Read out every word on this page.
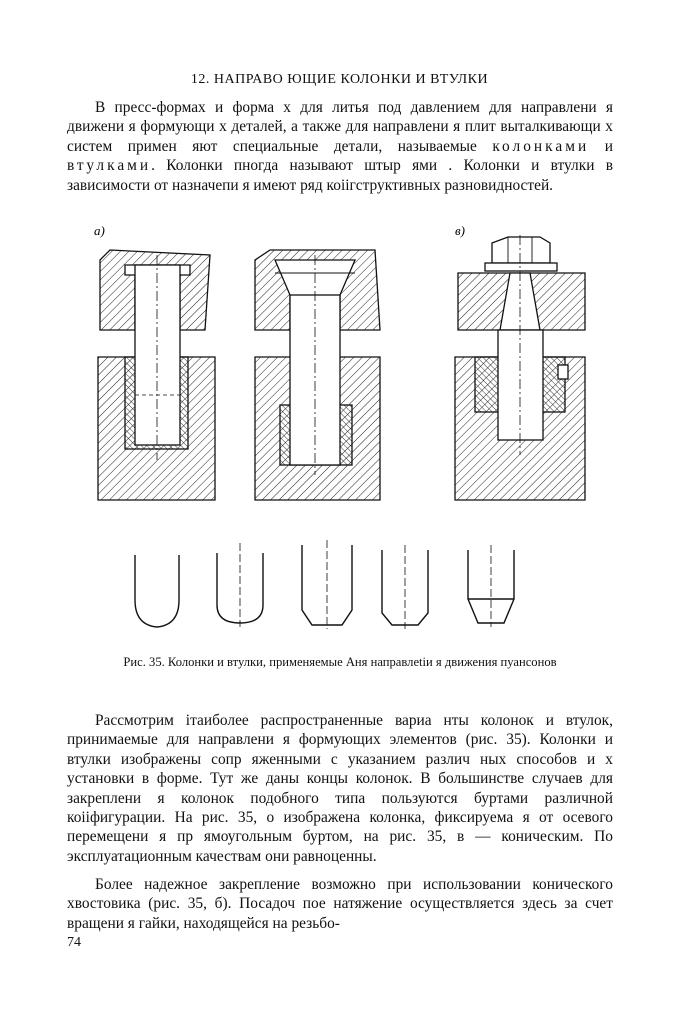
12. НАПРАВО ЮЩИЕ КОЛОНКИ И ВТУЛКИ

В пресс-формах и форма х для литья под давлением для направлени я движени я формующи х деталей, а также для направлени я плит выталкивающи х систем примен яют специальные детали, называемые колонками и втулками. Колонки пногда называют штыр ями . Колонки и втулки в зависимости от назначепи я имеют ряд коіігструктивных разновидностей.

а)	в)
Рис. 35. Колонки и втулки, применяемые Аня направлеtiи я движения пуансонов

Рассмотрим iтаиболее распространенные вариа нты колонок и втулок, принимаемые для направлени я формующих элементов (рис. 35). Колонки и втулки изображены сопр яженными с указанием различ ных способов и х установки в форме. Тут же даны концы колонок. В большинстве случаев для закреплени я колонок подобного типа пользуются буртами различной коіiфигурации. На рис. 35, о изображена колонка, фиксируема я от осевого перемещени я пр ямоугольным буртом, на рис. 35, в — коническим. По эксплуатационным качествам они равноценны.

Более надежное закрепление возможно при использовании конического хвостовика (рис. 35, б). Посадоч пое натяжение осуществляется здесь за счет вращени я гайки, находящейся на резьбо-

74
